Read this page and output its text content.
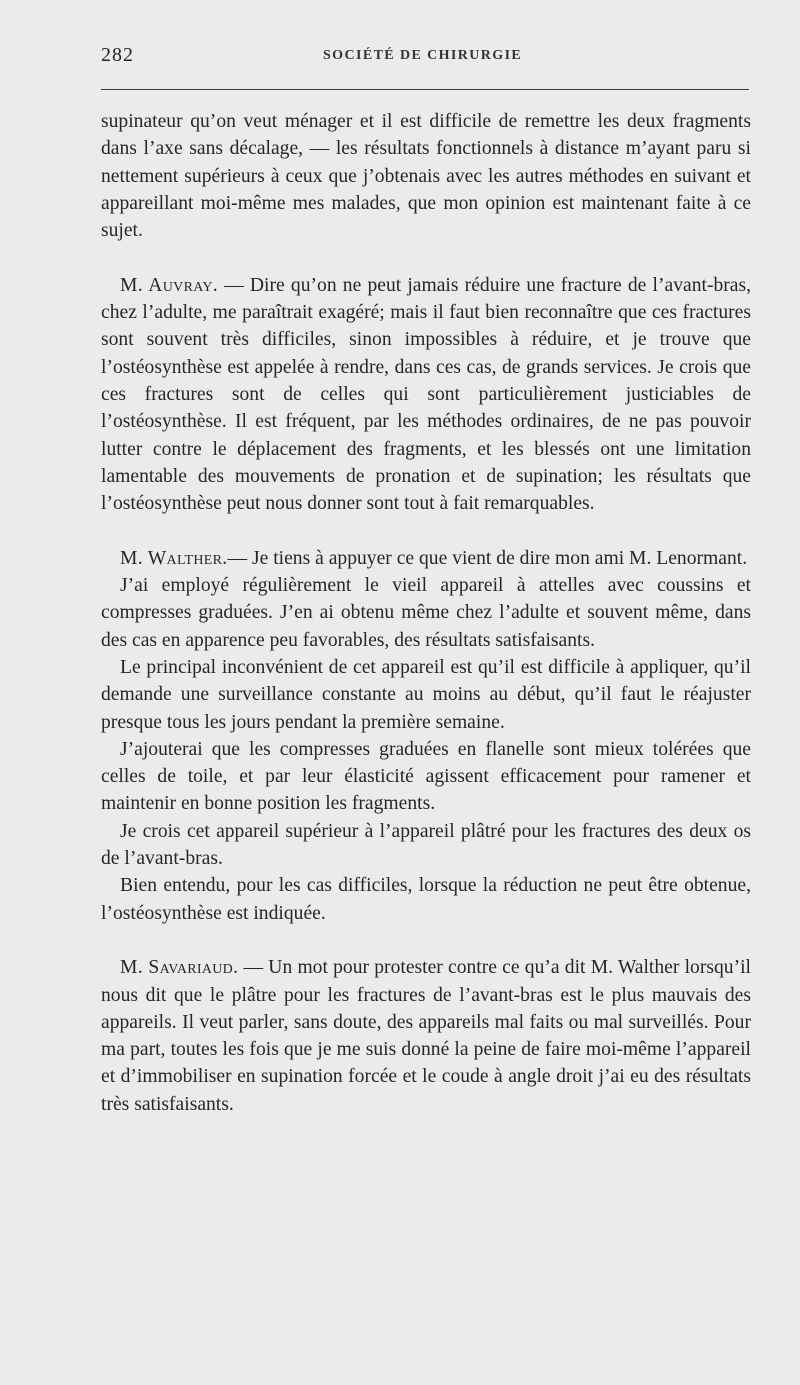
282	SOCIÉTÉ DE CHIRURGIE

supinateur qu’on veut ménager et il est difficile de remettre les deux fragments dans l’axe sans décalage, — les résultats fonctionnels à distance m’ayant paru si nettement supérieurs à ceux que j’obtenais avec les autres méthodes en suivant et appareillant moi-même mes malades, que mon opinion est maintenant faite à ce sujet.

M. Auvray. — Dire qu’on ne peut jamais réduire une fracture de l’avant-bras, chez l’adulte, me paraîtrait exagéré; mais il faut bien reconnaître que ces fractures sont souvent très difficiles, sinon impossibles à réduire, et je trouve que l’ostéosynthèse est appelée à rendre, dans ces cas, de grands services. Je crois que ces fractures sont de celles qui sont particulièrement justiciables de l’ostéosynthèse. Il est fréquent, par les méthodes ordinaires, de ne pas pouvoir lutter contre le déplacement des fragments, et les blessés ont une limitation lamentable des mouvements de pronation et de supination; les résultats que l’ostéosynthèse peut nous donner sont tout à fait remarquables.

M. Walther.— Je tiens à appuyer ce que vient de dire mon ami M. Lenormant.

J’ai employé régulièrement le vieil appareil à attelles avec coussins et compresses graduées. J’en ai obtenu même chez l’adulte et souvent même, dans des cas en apparence peu favorables, des résultats satisfaisants.

Le principal inconvénient de cet appareil est qu’il est difficile à appliquer, qu’il demande une surveillance constante au moins au début, qu’il faut le réajuster presque tous les jours pendant la première semaine.

J’ajouterai que les compresses graduées en flanelle sont mieux tolérées que celles de toile, et par leur élasticité agissent efficacement pour ramener et maintenir en bonne position les fragments.

Je crois cet appareil supérieur à l’appareil plâtré pour les fractures des deux os de l’avant-bras.

Bien entendu, pour les cas difficiles, lorsque la réduction ne peut être obtenue, l’ostéosynthèse est indiquée.

M. Savariaud. — Un mot pour protester contre ce qu’a dit M. Walther lorsqu’il nous dit que le plâtre pour les fractures de l’avant-bras est le plus mauvais des appareils. Il veut parler, sans doute, des appareils mal faits ou mal surveillés. Pour ma part, toutes les fois que je me suis donné la peine de faire moi-même l’appareil et d’immobiliser en supination forcée et le coude à angle droit j’ai eu des résultats très satisfaisants.
